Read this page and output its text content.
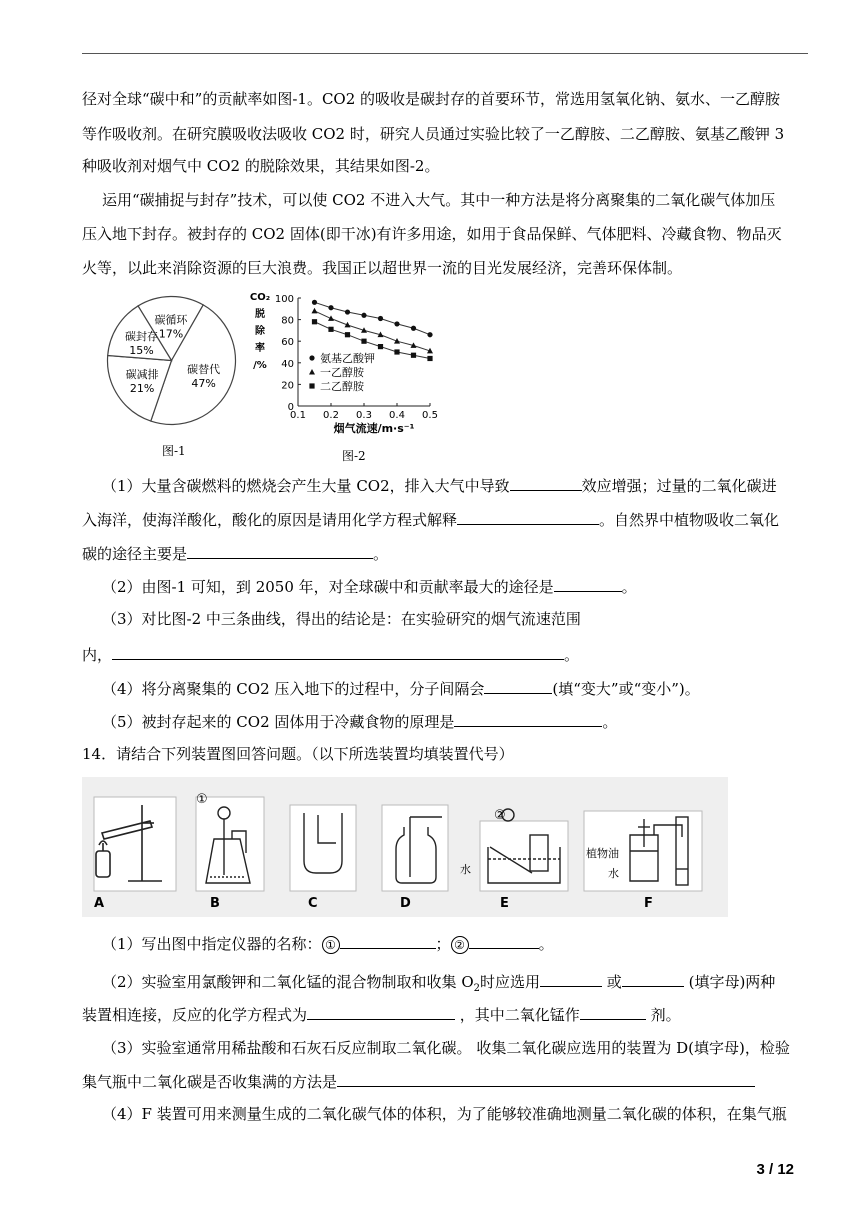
径对全球“碳中和”的贡献率如图-1。CO2 的吸收是碳封存的首要环节，常选用氢氧化钠、氨水、一乙醇胺
等作吸收剂。在研究膜吸收法吸收 CO2 时，研究人员通过实验比较了一乙醇胺、二乙醇胺、氨基乙酸钾 3
种吸收剂对烟气中 CO2 的脱除效果，其结果如图-2。
运用“碳捕捉与封存”技术，可以使 CO2 不进入大气。其中一种方法是将分离聚集的二氧化碳气体加压
压入地下封存。被封存的 CO2 固体(即干冰)有许多用途，如用于食品保鲜、气体肥料、冷藏食物、物品灭
火等，以此来消除资源的巨大浪费。我国正以超世界一流的目光发展经济，完善环保体制。
碳循环
17%
碳替代
47%
碳减排
21%
碳封存
15%
图-1
0
20
40
60
80
100
0.1 0.2 0.3 0.4 0.5
CO₂
脱
除
率
/%
烟气流速/m·s⁻¹
氨基乙酸钾
一乙醇胺
二乙醇胺
图-2
（1）大量含碳燃料的燃烧会产生大量 CO2，排入大气中导致	效应增强；过量的二氧化碳进
入海洋，使海洋酸化，酸化的原因是请用化学方程式解释	。自然界中植物吸收二氧化
碳的途径主要是	。
（2）由图-1 可知，到 2050 年，对全球碳中和贡献率最大的途径是	。
（3）对比图-2 中三条曲线，得出的结论是：在实验研究的烟气流速范围
内，	。
（4）将分离聚集的 CO2 压入地下的过程中，分子间隔会	(填“变大”或“变小”)。
（5）被封存起来的 CO2 固体用于冷藏食物的原理是	。
14．请结合下列装置图回答问题。（以下所选装置均填装置代号）
A	B	C	D	E	F
①
②
水
植物油
水
（1）写出图中指定仪器的名称： ①	； ②	。
（2）实验室用氯酸钾和二氧化锰的混合物制取和收集 $O_2$时应选用	或	(填字母)两种
装置相连接，反应的化学方程式为	，其中二氧化锰作	剂。
（3）实验室通常用稀盐酸和石灰石反应制取二氧化碳。 收集二氧化碳应选用的装置为 D(填字母)，检验
集气瓶中二氧化碳是否收集满的方法是
（4）F 装置可用来测量生成的二氧化碳气体的体积，为了能够较准确地测量二氧化碳的体积，在集气瓶
3 / 12
